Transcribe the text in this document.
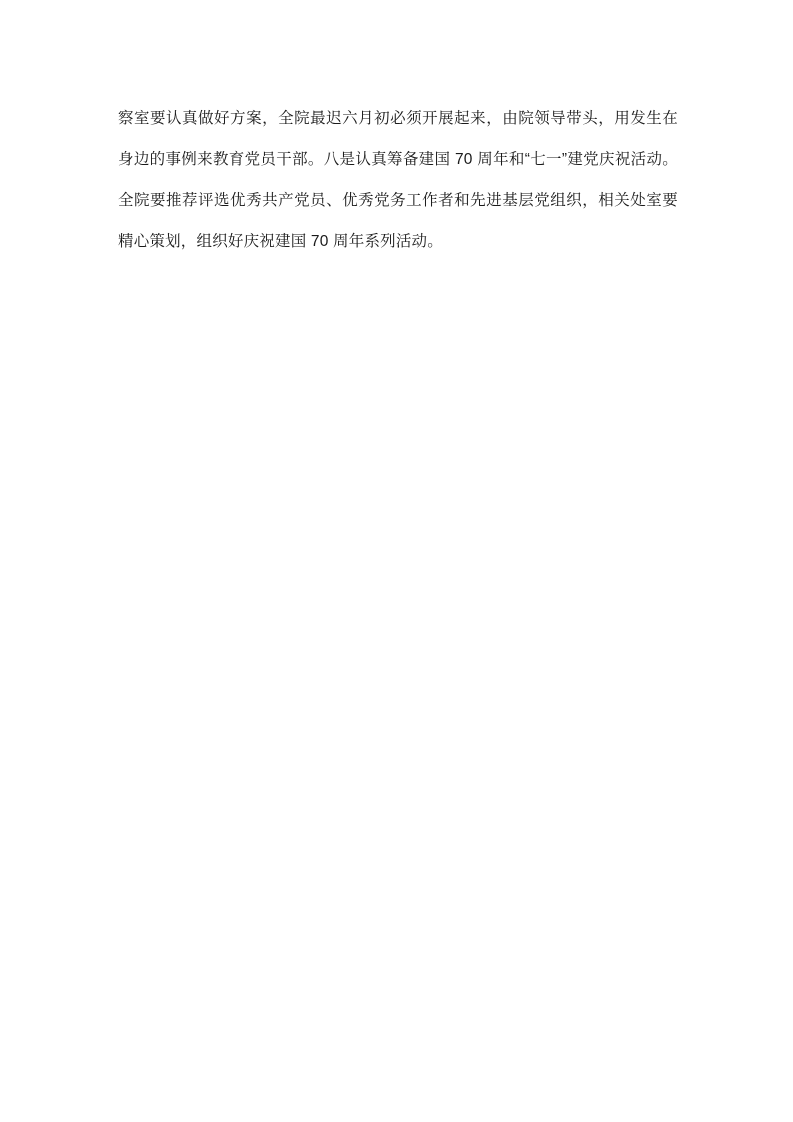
察室要认真做好方案，全院最迟六月初必须开展起来，由院领导带头，用发生在身边的事例来教育党员干部。八是认真筹备建国 70 周年和“七一”建党庆祝活动。全院要推荐评选优秀共产党员、优秀党务工作者和先进基层党组织，相关处室要精心策划，组织好庆祝建国 70 周年系列活动。
